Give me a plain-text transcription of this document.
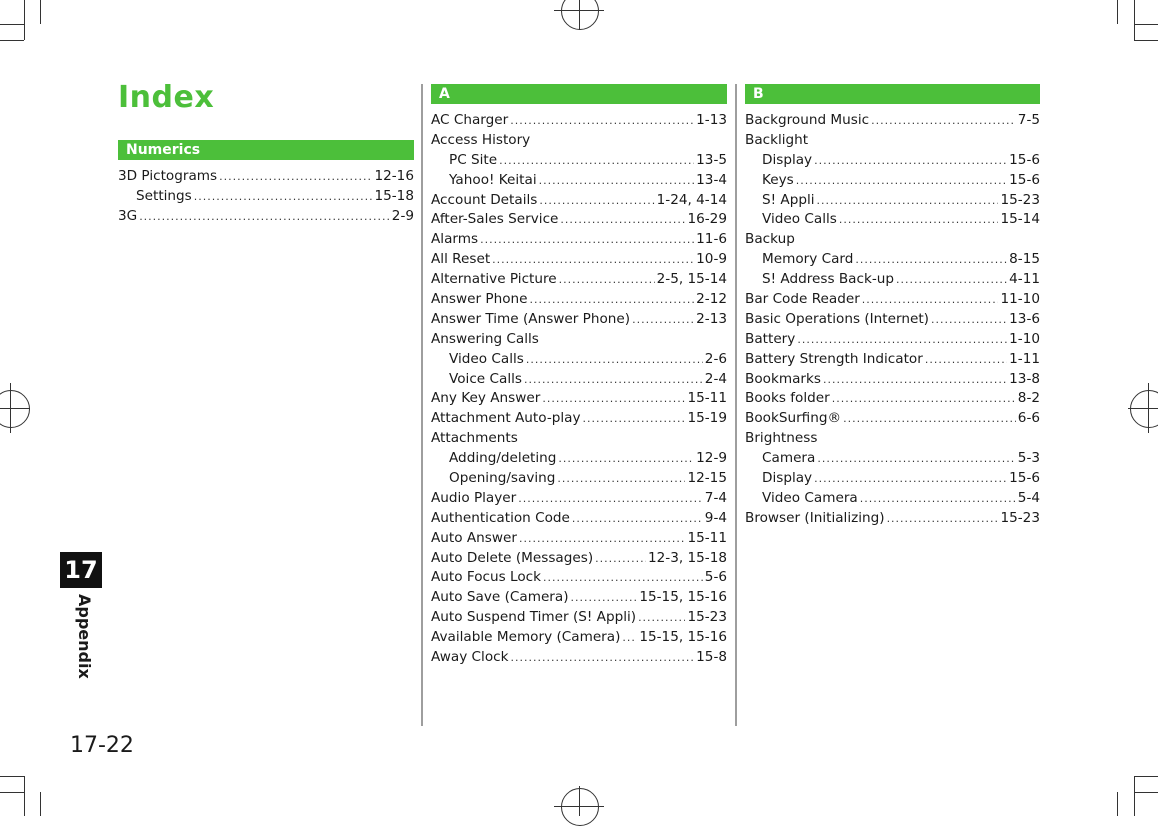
Index
Numerics
3D Pictograms .....	12-16
Settings .....	15-18
3G .....	2-9
A
AC Charger .....	1-13
Access History
PC Site .....	13-5
Yahoo! Keitai .....	13-4
Account Details .....	1-24, 4-14
After-Sales Service .....	16-29
Alarms .....	11-6
All Reset .....	10-9
Alternative Picture .....	2-5, 15-14
Answer Phone .....	2-12
Answer Time (Answer Phone) .....	2-13
Answering Calls
Video Calls .....	2-6
Voice Calls .....	2-4
Any Key Answer .....	15-11
Attachment Auto-play .....	15-19
Attachments
Adding/deleting .....	12-9
Opening/saving .....	12-15
Audio Player .....	7-4
Authentication Code .....	9-4
Auto Answer .....	15-11
Auto Delete (Messages) .....	12-3, 15-18
Auto Focus Lock .....	5-6
Auto Save (Camera) .....	15-15, 15-16
Auto Suspend Timer (S! Appli) .....	15-23
Available Memory (Camera) ..... 15-15, 15-16
Away Clock .....	15-8
B
Background Music .....	7-5
Backlight
Display .....	15-6
Keys .....	15-6
S! Appli .....	15-23
Video Calls .....	15-14
Backup
Memory Card .....	8-15
S! Address Back-up .....	4-11
Bar Code Reader .....	11-10
Basic Operations (Internet) .....	13-6
Battery .....	1-10
Battery Strength Indicator .....	1-11
Bookmarks .....	13-8
Books folder .....	8-2
BookSurfing® .....	6-6
Brightness
Camera .....	5-3
Display .....	15-6
Video Camera .....	5-4
Browser (Initializing) .....	15-23
17
Appendix
17-22
